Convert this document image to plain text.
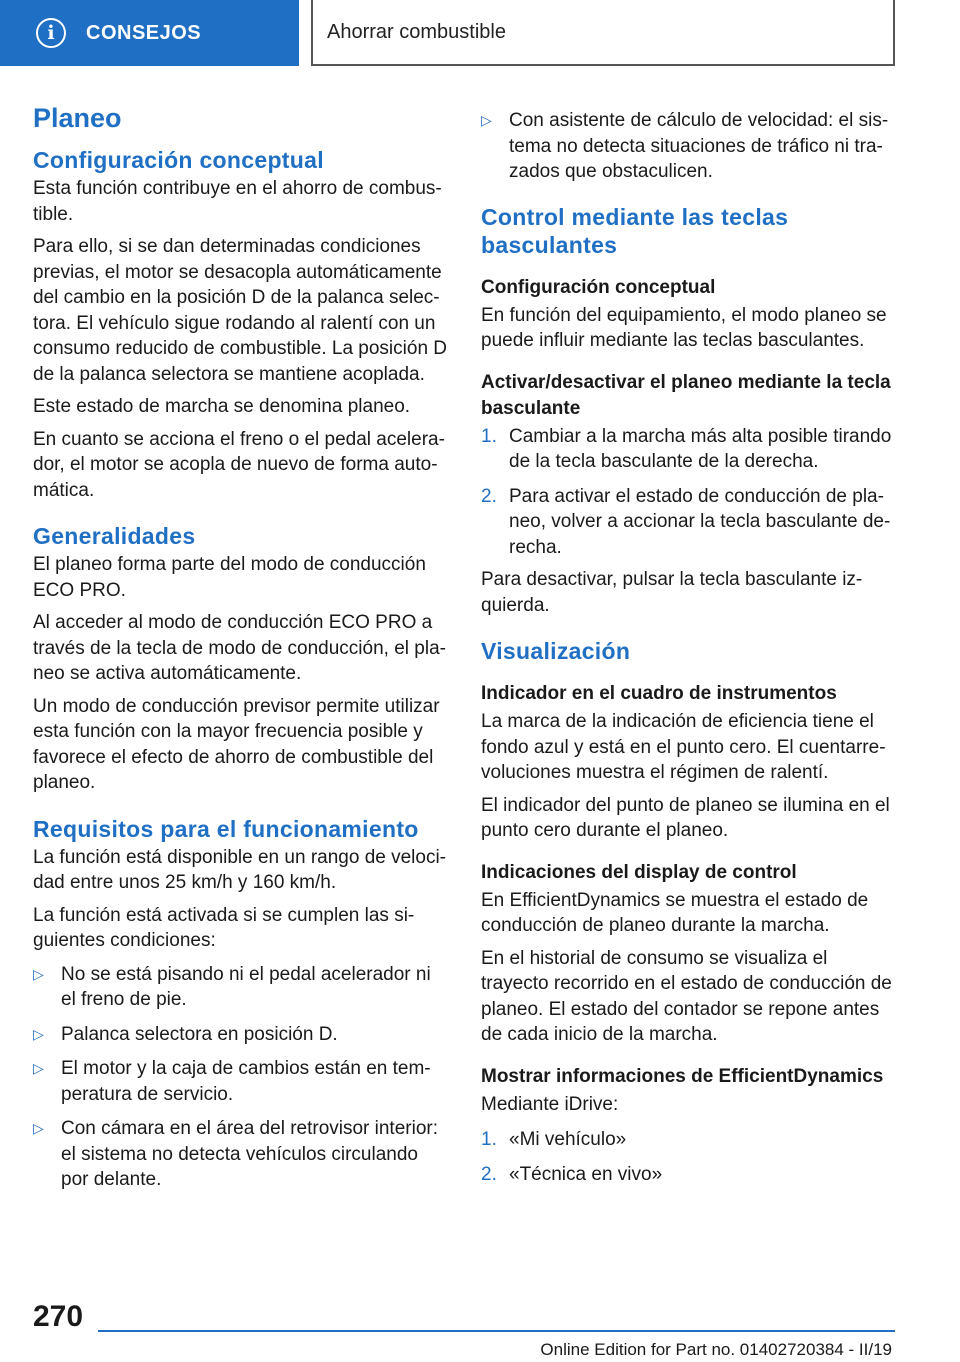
i	CONSEJOS	Ahorrar combustible
Planeo
Configuración conceptual

Esta función contribuye en el ahorro de combus-tible.

Para ello, si se dan determinadas condiciones previas, el motor se desacopla automáticamente del cambio en la posición D de la palanca selec-tora. El vehículo sigue rodando al ralentí con un consumo reducido de combustible. La posición D de la palanca selectora se mantiene acoplada.

Este estado de marcha se denomina planeo.

En cuanto se acciona el freno o el pedal acelera-dor, el motor se acopla de nuevo de forma auto-mática.

Generalidades

El planeo forma parte del modo de conducción ECO PRO.

Al acceder al modo de conducción ECO PRO a través de la tecla de modo de conducción, el pla-neo se activa automáticamente.

Un modo de conducción previsor permite utilizar esta función con la mayor frecuencia posible y favorece el efecto de ahorro de combustible del planeo.

Requisitos para el funcionamiento

La función está disponible en un rango de veloci-dad entre unos 25 km/h y 160 km/h.

La función está activada si se cumplen las si-guientes condiciones:

▷ No se está pisando ni el pedal acelerador ni el freno de pie.
▷ Palanca selectora en posición D.
▷ El motor y la caja de cambios están en tem-peratura de servicio.
▷ Con cámara en el área del retrovisor interior: el sistema no detecta vehículos circulando por delante.
▷ Con asistente de cálculo de velocidad: el sis-tema no detecta situaciones de tráfico ni tra-zados que obstaculicen.
Control mediante las teclas basculantes
Configuración conceptual

En función del equipamiento, el modo planeo se puede influir mediante las teclas basculantes.

Activar/desactivar el planeo mediante la tecla basculante
1. Cambiar a la marcha más alta posible tirando de la tecla basculante de la derecha.
2. Para activar el estado de conducción de pla-neo, volver a accionar la tecla basculante de-recha.

Para desactivar, pulsar la tecla basculante iz-quierda.

Visualización
Indicador en el cuadro de instrumentos

La marca de la indicación de eficiencia tiene el fondo azul y está en el punto cero. El cuentarre-voluciones muestra el régimen de ralentí.

El indicador del punto de planeo se ilumina en el punto cero durante el planeo.

Indicaciones del display de control

En EfficientDynamics se muestra el estado de conducción de planeo durante la marcha.

En el historial de consumo se visualiza el trayecto recorrido en el estado de conducción de planeo. El estado del contador se repone antes de cada inicio de la marcha.

Mostrar informaciones de EfficientDynamics

Mediante iDrive:

1. «Mi vehículo»
2. «Técnica en vivo»
270
Online Edition for Part no. 01402720384 - II/19
